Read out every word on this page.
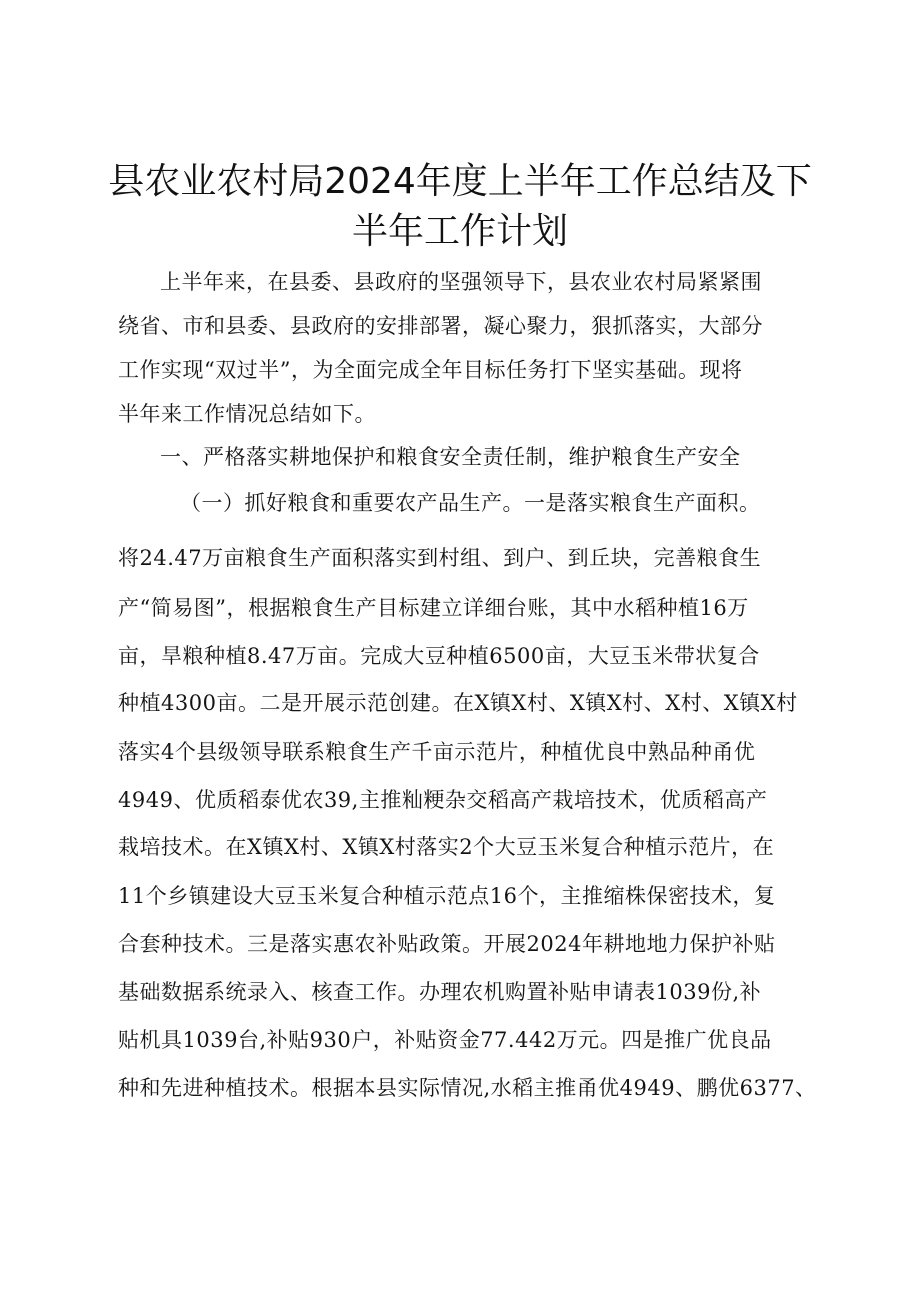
县农业农村局2024年度上半年工作总结及下
半年工作计划
上半年来，在县委、县政府的坚强领导下，县农业农村局紧紧围
绕省、市和县委、县政府的安排部署，凝心聚力，狠抓落实，大部分
工作实现“双过半”，为全面完成全年目标任务打下坚实基础。现将
半年来工作情况总结如下。
一、严格落实耕地保护和粮食安全责任制，维护粮食生产安全
（一）抓好粮食和重要农产品生产。一是落实粮食生产面积。
将24.47万亩粮食生产面积落实到村组、到户、到丘块，完善粮食生
产“简易图”，根据粮食生产目标建立详细台账，其中水稻种植16万
亩，旱粮种植8.47万亩。完成大豆种植6500亩，大豆玉米带状复合
种植4300亩。二是开展示范创建。在X镇X村、X镇X村、X村、X镇X村
落实4个县级领导联系粮食生产千亩示范片，种植优良中熟品种甬优
4949、优质稻泰优农39,主推籼粳杂交稻高产栽培技术，优质稻高产
栽培技术。在X镇X村、X镇X村落实2个大豆玉米复合种植示范片，在
11个乡镇建设大豆玉米复合种植示范点16个，主推缩株保密技术，复
合套种技术。三是落实惠农补贴政策。开展2024年耕地地力保护补贴
基础数据系统录入、核查工作。办理农机购置补贴申请表1039份,补
贴机具1039台,补贴930户，补贴资金77.442万元。四是推广优良品
种和先进种植技术。根据本县实际情况,水稻主推甬优4949、鹏优6377、
